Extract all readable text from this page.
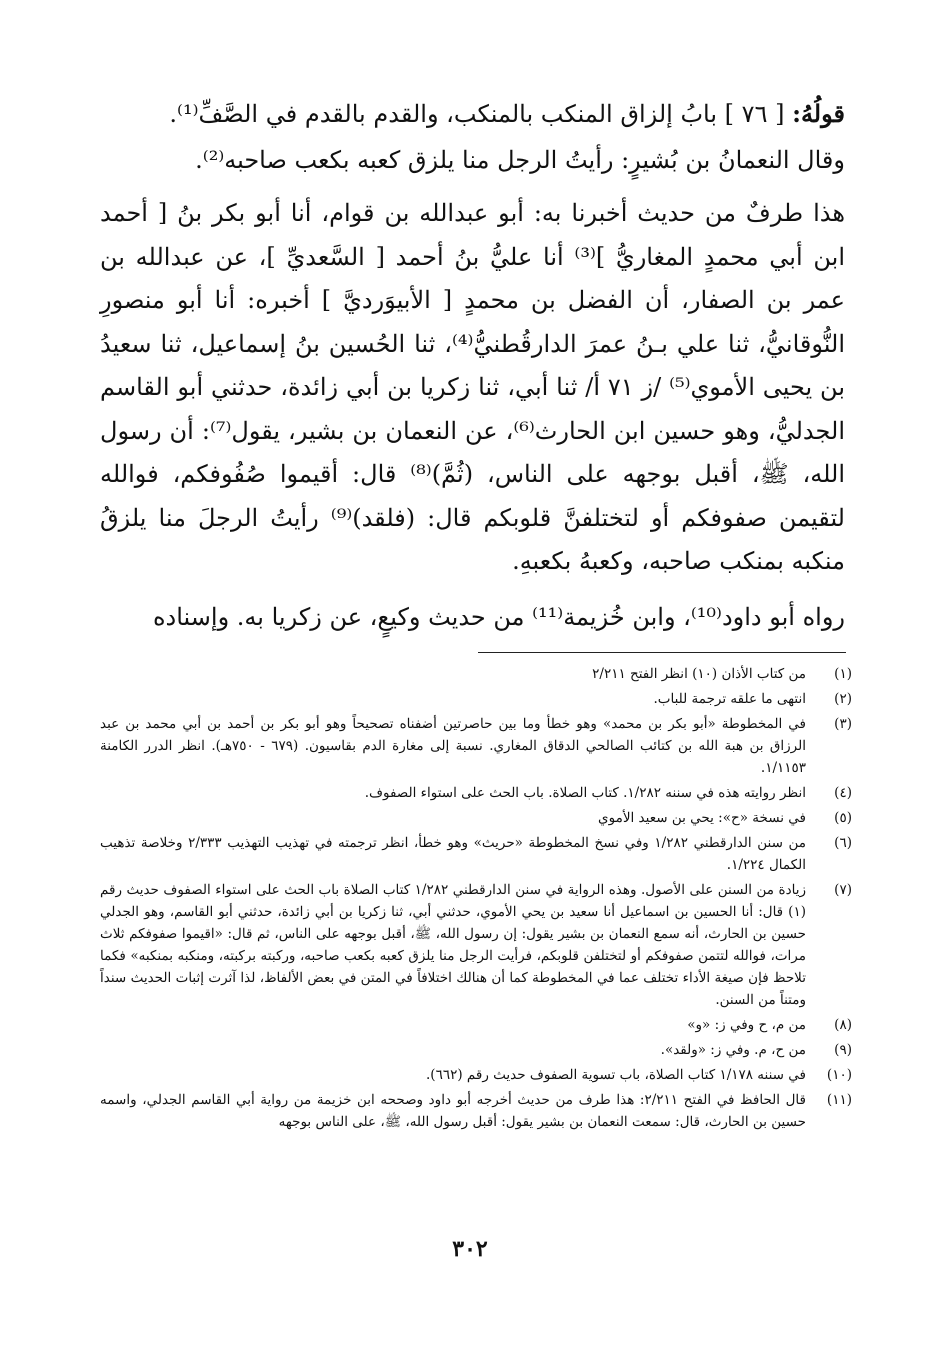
قولُهُ: [ ٧٦ ] بابُ إلزاق المنكب بالمنكب، والقدم بالقدم في الصَّفِّ⁽¹⁾.

وقال النعمانُ بن بُشيرٍ: رأيتُ الرجل منا يلزق كعبه بكعب صاحبه⁽²⁾.

هذا طرفٌ من حديث أخبرنا به: أبو عبدالله بن قوام، أنا أبو بكر بنُ [ أحمد ابن أبي محمدٍ المغاريُّ ]⁽³⁾ أنا عليُّ بنُ أحمد [ السَّعديِّ ]، عن عبدالله بن عمر بن الصفار، أن الفضل بن محمدٍ [ الأبيوَرديَّ ] أخبره: أنا أبو منصورِ النُّوقانيُّ، ثنا علي بـنُ عمرَ الدارقُطنيُّ⁽⁴⁾، ثنا الحُسين بنُ إسماعيل، ثنا سعيدُ بن يحيى الأموي⁽⁵⁾ /ز ٧١ أ/ ثنا أبي، ثنا زكريا بن أبي زائدة، حدثني أبو القاسم الجدليُّ، وهو حسين ابن الحارث⁽⁶⁾، عن النعمان بن بشير، يقول⁽⁷⁾: أن رسول الله، ﷺ، أقبل بوجهه على الناس، (ثُمَّ)⁽⁸⁾ قال: أقيموا صُفُوفكم، فوالله لتقيمن صفوفكم أو لتختلفنَّ قلوبكم قال: (فلقد)⁽⁹⁾ رأيتُ الرجلَ منا يلزقُ منكبه بمنكب صاحبه، وكعبهُ بكعبهِ.

رواه أبو داود⁽¹⁰⁾، وابن خُزيمة⁽¹¹⁾ من حديث وكيعٍ، عن زكريا به. وإسناده

(١)
من كتاب الأذان (١٠) انظر الفتح ٢/٢١١
(٢)
انتهى ما علقه ترجمة للباب.
(٣)
في المخطوطة «أبو بكر بن محمد» وهو خطأ وما بين حاصرتين أضفناه تصحيحاً وهو أبو بكر بن أحمد بن أبي محمد بن عبد الرزاق بن هبة الله بن كتائب الصالحي الدقاق المغاري. نسبة إلى مغارة الدم بقاسيون. (٦٧٩ - ٧٥٠هـ). انظر الدرر الكامنة ١/١١٥٣.
(٤)
انظر روايته هذه في سننه ١/٢٨٢. كتاب الصلاة. باب الحث على استواء الصفوف.
(٥)
في نسخة «ح»: يحي بن سعيد الأموي
(٦)
من سنن الدارقطني ١/٢٨٢ وفي نسخ المخطوطة «حريث» وهو خطأ، انظر ترجمته في تهذيب التهذيب ٢/٣٣٣ وخلاصة تذهيب الكمال ١/٢٢٤.
(٧)
زيادة من السنن على الأصول. وهذه الرواية في سنن الدارقطني ١/٢٨٢ كتاب الصلاة باب الحث على استواء الصفوف حديث رقم (١) قال: أنا الحسين بن اسماعيل أنا سعيد بن يحي الأموي، حدثني أبي، ثنا زكريا بن أبي زائدة، حدثني أبو القاسم، وهو الجدلي حسين بن الحارث، أنه سمع النعمان بن بشير يقول: إن رسول الله، ﷺ، أقبل بوجهه على الناس، ثم قال: «اقيموا صفوفكم ثلاث مرات، فوالله لتتمن صفوفكم أو لتختلفن قلوبكم، فرأيت الرجل منا يلزق كعبه بكعب صاحبه، وركبته بركبته، ومنكبه بمنكبه» فكما تلاحظ فإن صيغة الأداء تختلف عما في المخطوطة كما أن هنالك اختلافاً في المتن في بعض الألفاظ، لذا آثرت إثبات الحديث سنداً ومتناً من السنن.
(٨)
من م، ح وفي ز: «و»
(٩)
من ح، م. وفي ز: «ولقد».
(١٠)
في سننه ١/١٧٨ كتاب الصلاة، باب تسوية الصفوف حديث رقم (٦٦٢).
(١١)
قال الحافظ في الفتح ٢/٢١١: هذا طرف من حديث أخرجه أبو داود وصححه ابن خزيمة من رواية أبي القاسم الجدلي، واسمه حسين بن الحارث، قال: سمعت النعمان بن بشير يقول: أقبل رسول الله، ﷺ، على الناس بوجهه
٣٠٢
